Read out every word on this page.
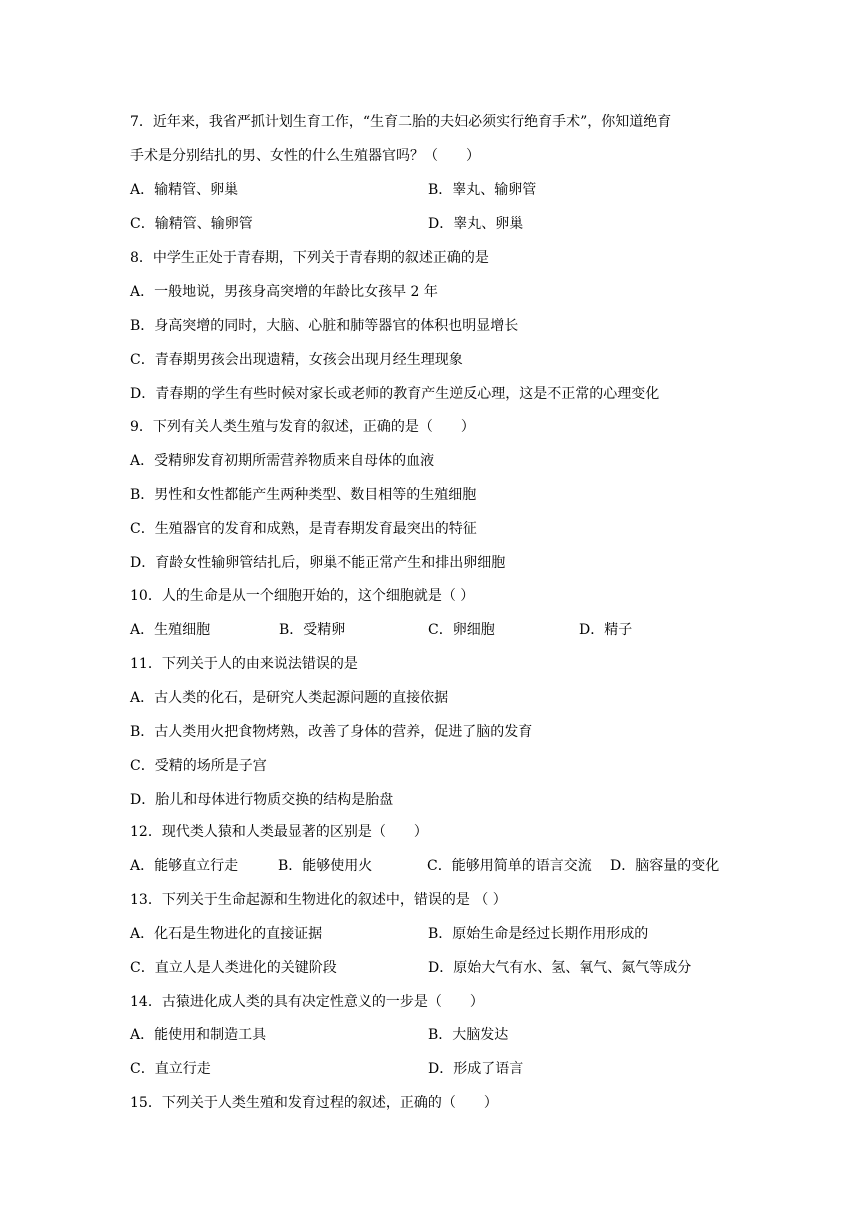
7．近年来，我省严抓计划生育工作，“生育二胎的夫妇必须实行绝育手术”，你知道绝育
手术是分别结扎的男、女性的什么生殖器官吗？（　　）
A．输精管、卵巢	B．睾丸、输卵管
C．输精管、输卵管	D．睾丸、卵巢
8．中学生正处于青春期，下列关于青春期的叙述正确的是
A．一般地说，男孩身高突增的年龄比女孩早 2 年
B．身高突增的同时，大脑、心脏和肺等器官的体积也明显增长
C．青春期男孩会出现遗精，女孩会出现月经生理现象
D．青春期的学生有些时候对家长或老师的教育产生逆反心理，这是不正常的心理变化
9．下列有关人类生殖与发育的叙述，正确的是（　　）
A．受精卵发育初期所需营养物质来自母体的血液
B．男性和女性都能产生两种类型、数目相等的生殖细胞
C．生殖器官的发育和成熟，是青春期发育最突出的特征
D．育龄女性输卵管结扎后，卵巢不能正常产生和排出卵细胞
10．人的生命是从一个细胞开始的，这个细胞就是（ ）
A．生殖细胞	B．受精卵	C．卵细胞	D．精子
11．下列关于人的由来说法错误的是
A．古人类的化石，是研究人类起源问题的直接依据
B．古人类用火把食物烤熟，改善了身体的营养，促进了脑的发育
C．受精的场所是子宫
D．胎儿和母体进行物质交换的结构是胎盘
12．现代类人猿和人类最显著的区别是（　　）
A．能够直立行走	B．能够使用火	C．能够用简单的语言交流 D．脑容量的变化
13．下列关于生命起源和生物进化的叙述中，错误的是 （ ）
A．化石是生物进化的直接证据	B．原始生命是经过长期作用形成的
C．直立人是人类进化的关键阶段	D．原始大气有水、氢、氧气、氮气等成分
14．古猿进化成人类的具有决定性意义的一步是（　　）
A．能使用和制造工具	B．大脑发达
C．直立行走	D．形成了语言
15．下列关于人类生殖和发育过程的叙述，正确的（　　）
